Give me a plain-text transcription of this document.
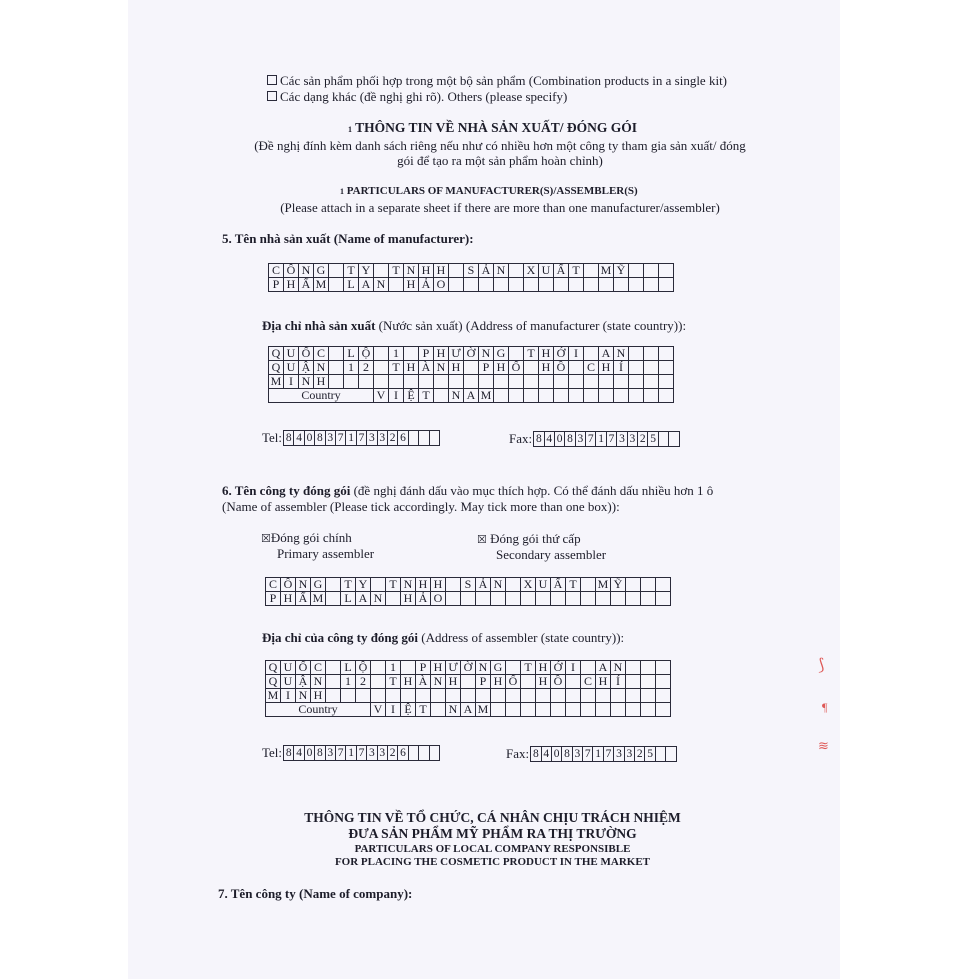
Các sản phẩm phối hợp trong một bộ sản phẩm (Combination products in a single kit)
Các dạng khác (đề nghị ghi rõ). Others (please specify)
1 THÔNG TIN VỀ NHÀ SẢN XUẤT/ ĐÓNG GÓI
(Đề nghị đính kèm danh sách riêng nếu như có nhiều hơn một công ty tham gia sản xuất/ đóng
gói để tạo ra một sản phẩm hoàn chỉnh)
1 PARTICULARS OF MANUFACTURER(S)/ASSEMBLER(S)
(Please attach in a separate sheet if there are more than one manufacturer/assembler)
5. Tên nhà sản xuất (Name of manufacturer):
C	Ô	N	G		T	Y		T	N	H	H		S	Ả	N		X	U	Ấ	T		M	Ỹ			
P	H	Ẩ	M		L	A	N		H	Ả	O															
Địa chỉ nhà sản xuất (Nước sản xuất) (Address of manufacturer (state country)):
Q	U	Ố	C		L	Ộ		1		P	H	Ư	Ờ	N	G		T	H	Ớ	I		A	N			
Q	U	Ậ	N		1	2		T	H	À	N	H		P	H	Ố		H	Ồ		C	H	Í			
M	I	N	H																							
Country							V	I	Ệ	T		N	A	M												
Tel: 8 4 0 8 3 7 1 7 3 3 2 6	Fax: 8 4 0 8 3 7 1 7 3 3 2 5
6. Tên công ty đóng gói (đề nghị đánh dấu vào mục thích hợp. Có thể đánh dấu nhiều hơn 1 ô
(Name of assembler (Please tick accordingly. May tick more than one box)):
☒Đóng gói chính
Primary assembler
☒ Đóng gói thứ cấp
Secondary assembler
C	Ô	N	G		T	Y		T	N	H	H		S	Ả	N		X	U	Ấ	T		M	Ỹ			
P	H	Ẩ	M		L	A	N		H	Ả	O															
Địa chỉ của công ty đóng gói (Address of assembler (state country)):
Q	U	Ố	C		L	Ộ		1		P	H	Ư	Ờ	N	G		T	H	Ớ	I		A	N			
Q	U	Ậ	N		1	2		T	H	À	N	H		P	H	Ố		H	Ồ		C	H	Í			
M	I	N	H																							
Country							V	I	Ệ	T		N	A	M												
Tel: 8 4 0 8 3 7 1 7 3 3 2 6	Fax: 8 4 0 8 3 7 1 7 3 3 2 5
THÔNG TIN VỀ TỔ CHỨC, CÁ NHÂN CHỊU TRÁCH NHIỆM
ĐƯA SẢN PHẨM MỸ PHẨM RA THỊ TRƯỜNG
PARTICULARS OF LOCAL COMPANY RESPONSIBLE
FOR PLACING THE COSMETIC PRODUCT IN THE MARKET
7. Tên công ty (Name of company):
⟆
¶
≋
